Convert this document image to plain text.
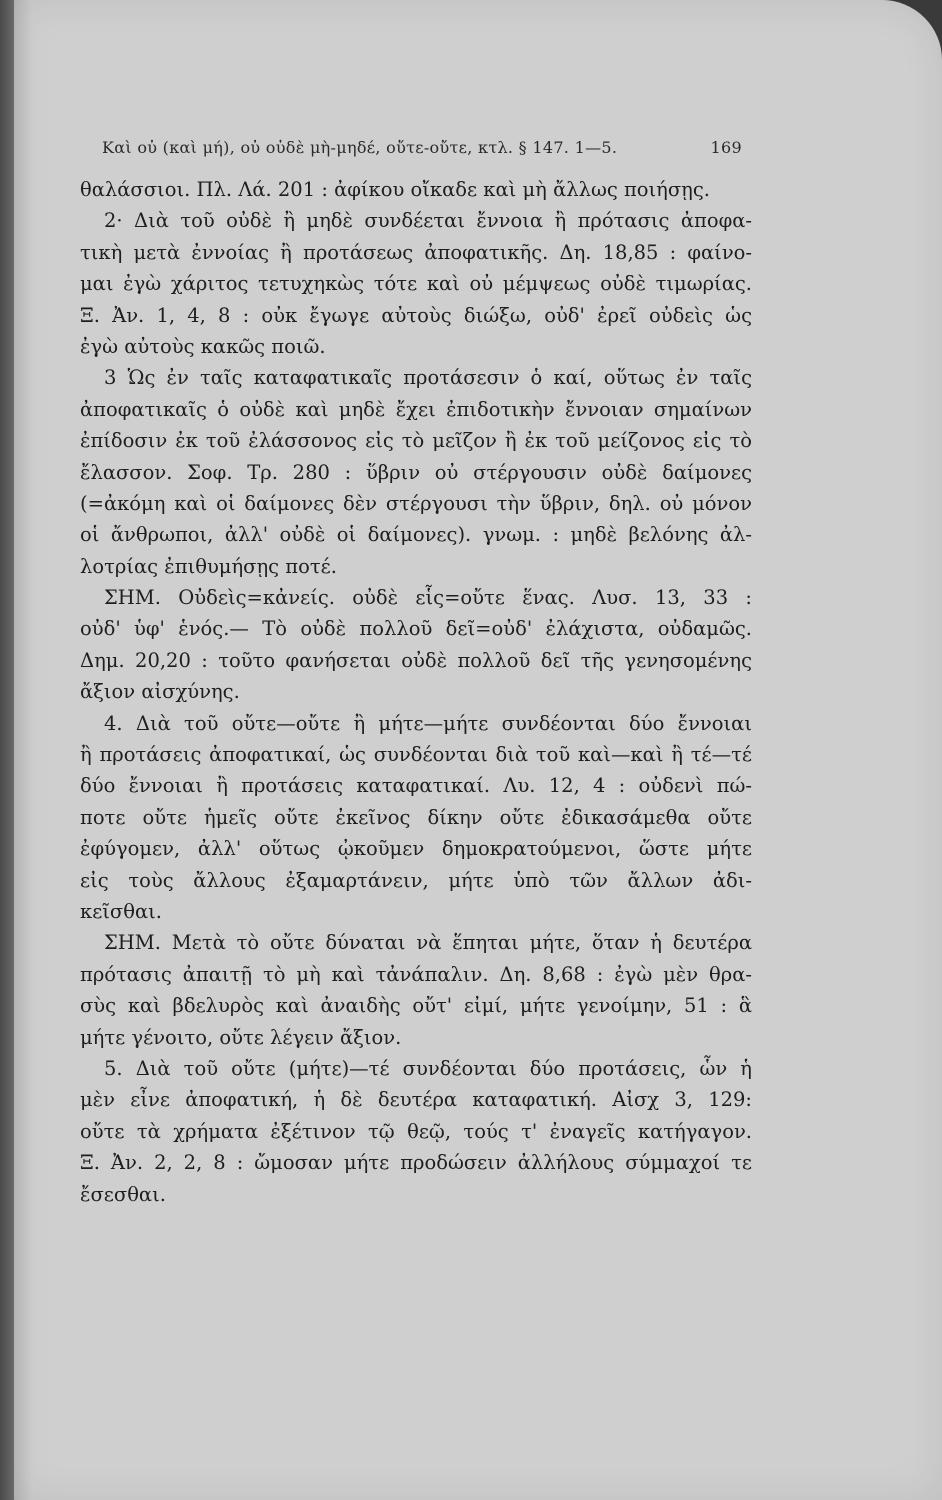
Καὶ οὐ (καὶ μή), οὐ οὐδὲ μὴ-μηδέ, οὔτε-οὔτε, κτλ. § 147. 1—5.	169
θαλάσσιοι. Πλ. Λά. 201 : ἀφίκου οἴκαδε καὶ μὴ ἄλλως ποιήσῃς.
2· Διὰ τοῦ οὐδὲ ἢ μηδὲ συνδέεται ἔννοια ἢ πρότασις ἀποφα-
τικὴ μετὰ ἐννοίας ἢ προτάσεως ἀποφατικῆς. Δη. 18,85 : φαίνο-
μαι ἐγὼ χάριτος τετυχηκὼς τότε καὶ οὐ μέμψεως οὐδὲ τιμωρίας.
Ξ. Ἀν. 1, 4, 8 : οὐκ ἔγωγε αὐτοὺς διώξω, οὐδ' ἐρεῖ οὐδεὶς ὡς
ἐγὼ αὐτοὺς κακῶς ποιῶ.
3 Ὡς ἐν ταῖς καταφατικαῖς προτάσεσιν ὁ καί, οὕτως ἐν ταῖς
ἀποφατικαῖς ὁ οὐδὲ καὶ μηδὲ ἔχει ἐπιδοτικὴν ἔννοιαν σημαίνων
ἐπίδοσιν ἐκ τοῦ ἐλάσσονος εἰς τὸ μεῖζον ἢ ἐκ τοῦ μείζονος εἰς τὸ
ἔλασσον. Σοφ. Τρ. 280 : ὕβριν οὐ στέργουσιν οὐδὲ δαίμονες
(=ἀκόμη καὶ οἱ δαίμονες δὲν στέργουσι τὴν ὕβριν, δηλ. οὐ μόνον
οἱ ἄνθρωποι, ἀλλ' οὐδὲ οἱ δαίμονες). γνωμ. : μηδὲ βελόνης ἀλ-
λοτρίας ἐπιθυμήσῃς ποτέ.
ΣΗΜ. Οὐδεὶς=κἀνείς. οὐδὲ εἷς=οὔτε ἕνας. Λυσ. 13, 33 :
οὐδ' ὑφ' ἑνός.— Τὸ οὐδὲ πολλοῦ δεῖ=οὐδ' ἐλάχιστα, οὐδαμῶς.
Δημ. 20,20 : τοῦτο φανήσεται οὐδὲ πολλοῦ δεῖ τῆς γενησομένης
ἄξιον αἰσχύνης.
4. Διὰ τοῦ οὔτε—οὔτε ἢ μήτε—μήτε συνδέονται δύο ἔννοιαι
ἢ προτάσεις ἀποφατικαί, ὡς συνδέονται διὰ τοῦ καὶ—καὶ ἢ τέ—τέ
δύο ἔννοιαι ἢ προτάσεις καταφατικαί. Λυ. 12, 4 : οὐδενὶ πώ-
ποτε οὔτε ἡμεῖς οὔτε ἐκεῖνος δίκην οὔτε ἐδικασάμεθα οὔτε
ἐφύγομεν, ἀλλ' οὕτως ᾠκοῦμεν δημοκρατούμενοι, ὥστε μήτε
εἰς τοὺς ἄλλους ἐξαμαρτάνειν, μήτε ὑπὸ τῶν ἄλλων ἀδι-
κεῖσθαι.
ΣΗΜ. Μετὰ τὸ οὔτε δύναται νὰ ἕπηται μήτε, ὅταν ἡ δευτέρα
πρότασις ἀπαιτῇ τὸ μὴ καὶ τἀνάπαλιν. Δη. 8,68 : ἐγὼ μὲν θρα-
σὺς καὶ βδελυρὸς καὶ ἀναιδὴς οὔτ' εἰμί, μήτε γενοίμην, 51 : ἃ
μήτε γένοιτο, οὔτε λέγειν ἄξιον.
5. Διὰ τοῦ οὔτε (μήτε)—τέ συνδέονται δύο προτάσεις, ὧν ἡ
μὲν εἶνε ἀποφατική, ἡ δὲ δευτέρα καταφατική. Αἰσχ 3, 129:
οὔτε τὰ χρήματα ἐξέτινον τῷ θεῷ, τούς τ' ἐναγεῖς κατήγαγον.
Ξ. Ἀν. 2, 2, 8 : ὤμοσαν μήτε προδώσειν ἀλλήλους σύμμαχοί τε
ἔσεσθαι.
